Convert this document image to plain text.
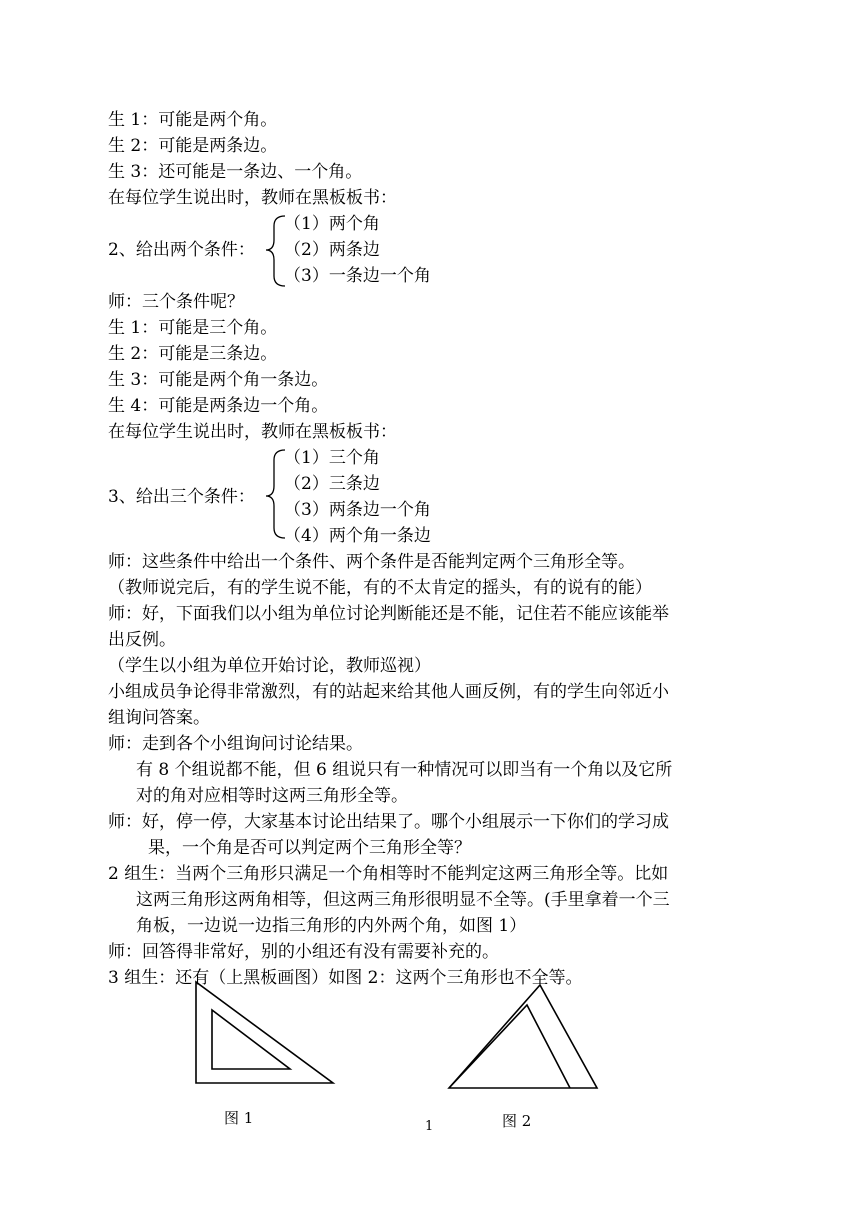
生 1：可能是两个角。
生 2：可能是两条边。
生 3：还可能是一条边、一个角。
在每位学生说出时，教师在黑板板书：
2、给出两个条件：
（1）两个角
（2）两条边
（3）一条边一个角
师：三个条件呢？
生 1：可能是三个角。
生 2：可能是三条边。
生 3：可能是两个角一条边。
生 4：可能是两条边一个角。
在每位学生说出时，教师在黑板板书：
3、给出三个条件：
（1）三个角
（2）三条边
（3）两条边一个角
（4）两个角一条边
师：这些条件中给出一个条件、两个条件是否能判定两个三角形全等。
（教师说完后，有的学生说不能，有的不太肯定的摇头，有的说有的能）
师：好，下面我们以小组为单位讨论判断能还是不能，记住若不能应该能举
出反例。
（学生以小组为单位开始讨论，教师巡视）
小组成员争论得非常激烈，有的站起来给其他人画反例，有的学生向邻近小
组询问答案。
师：走到各个小组询问讨论结果。
有 8 个组说都不能，但 6 组说只有一种情况可以即当有一个角以及它所
对的角对应相等时这两三角形全等。
师：好，停一停，大家基本讨论出结果了。哪个小组展示一下你们的学习成
果，一个角是否可以判定两个三角形全等？
2 组生：当两个三角形只满足一个角相等时不能判定这两三角形全等。比如
这两三角形这两角相等，但这两三角形很明显不全等。(手里拿着一个三
角板，一边说一边指三角形的内外两个角，如图 1）
师：回答得非常好，别的小组还有没有需要补充的。
3 组生：还有（上黑板画图）如图 2：这两个三角形也不全等。
图 1	图 2
1
